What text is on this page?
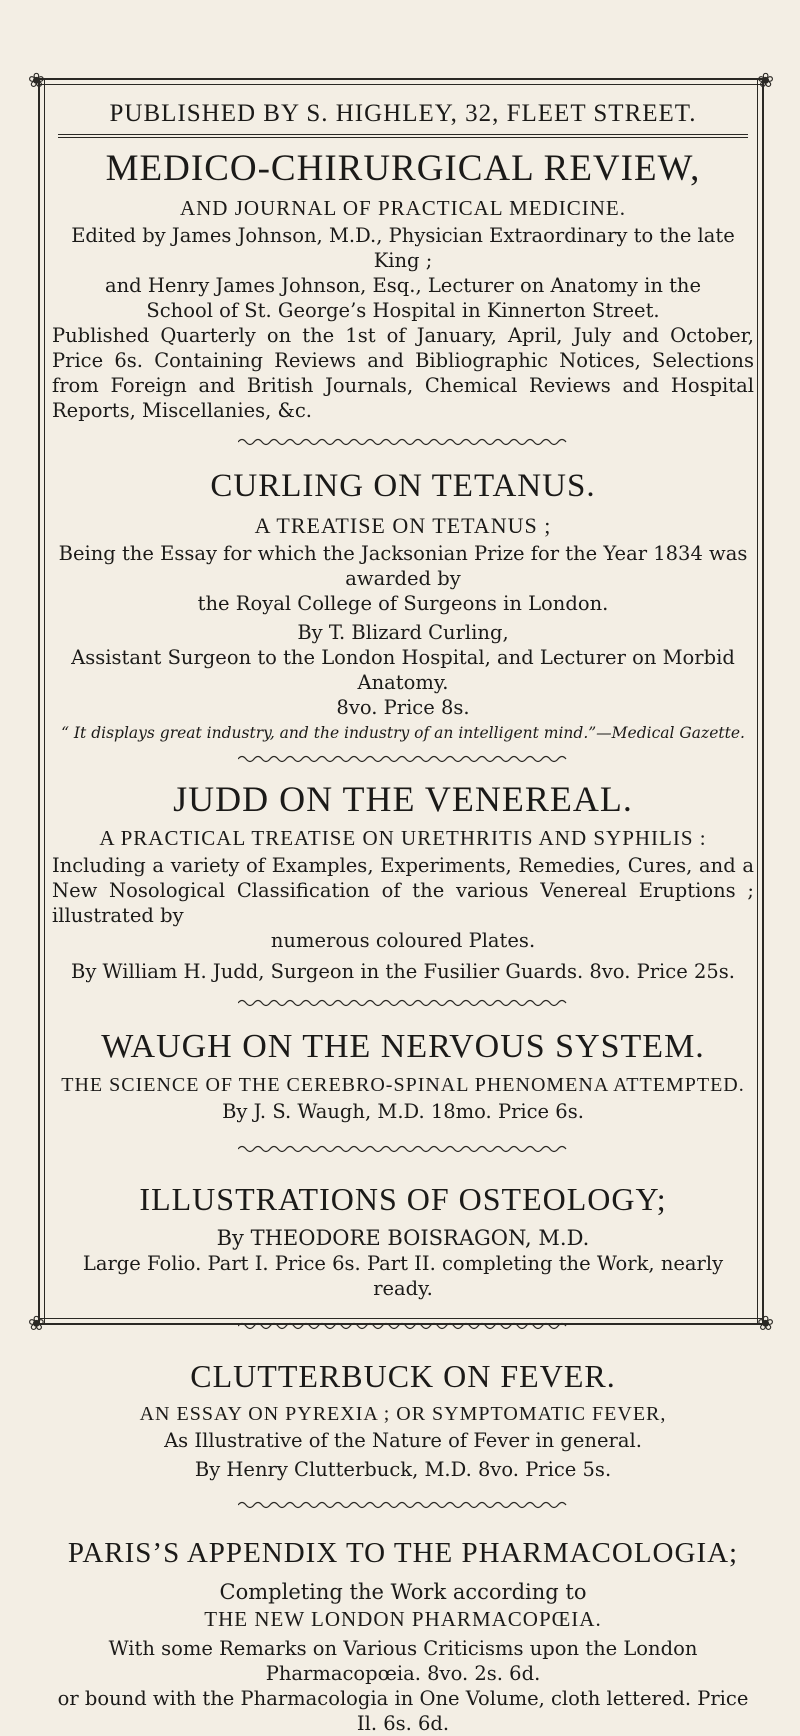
❀	❀
❀	❀
PUBLISHED BY S. HIGHLEY, 32, FLEET STREET.
MEDICO-CHIRURGICAL REVIEW,
AND JOURNAL OF PRACTICAL MEDICINE.

Edited by James Johnson, M.D., Physician Extraordinary to the late King ;

and Henry James Johnson, Esq., Lecturer on Anatomy in the

School of St. George’s Hospital in Kinnerton Street.

Published Quarterly on the 1st of January, April, July and October, Price 6s. Containing Reviews and Bibliographic Notices, Selections from Foreign and British Journals, Chemical Reviews and Hospital Reports, Miscellanies, &c.

CURLING ON TETANUS.
A TREATISE ON TETANUS ;

Being the Essay for which the Jacksonian Prize for the Year 1834 was awarded by

the Royal College of Surgeons in London.

By T. Blizard Curling,

Assistant Surgeon to the London Hospital, and Lecturer on Morbid Anatomy.

8vo. Price 8s.

“ It displays great industry, and the industry of an intelligent mind.”—Medical Gazette.

JUDD ON THE VENEREAL.
A PRACTICAL TREATISE ON URETHRITIS AND SYPHILIS :

Including a variety of Examples, Experiments, Remedies, Cures, and a New Nosological Classification of the various Venereal Eruptions ; illustrated by

numerous coloured Plates.

By William H. Judd, Surgeon in the Fusilier Guards. 8vo. Price 25s.

WAUGH ON THE NERVOUS SYSTEM.
THE SCIENCE OF THE CEREBRO-SPINAL PHENOMENA ATTEMPTED.

By J. S. Waugh, M.D. 18mo. Price 6s.

ILLUSTRATIONS OF OSTEOLOGY;

By THEODORE BOISRAGON, M.D.

Large Folio. Part I. Price 6s. Part II. completing the Work, nearly ready.

CLUTTERBUCK ON FEVER.
AN ESSAY ON PYREXIA ; OR SYMPTOMATIC FEVER,

As Illustrative of the Nature of Fever in general.

By Henry Clutterbuck, M.D. 8vo. Price 5s.

PARIS’S APPENDIX TO THE PHARMACOLOGIA;

Completing the Work according to

THE NEW LONDON PHARMACOPŒIA.

With some Remarks on Various Criticisms upon the London Pharmacopœia. 8vo. 2s. 6d.

or bound with the Pharmacologia in One Volume, cloth lettered. Price Il. 6s. 6d.
